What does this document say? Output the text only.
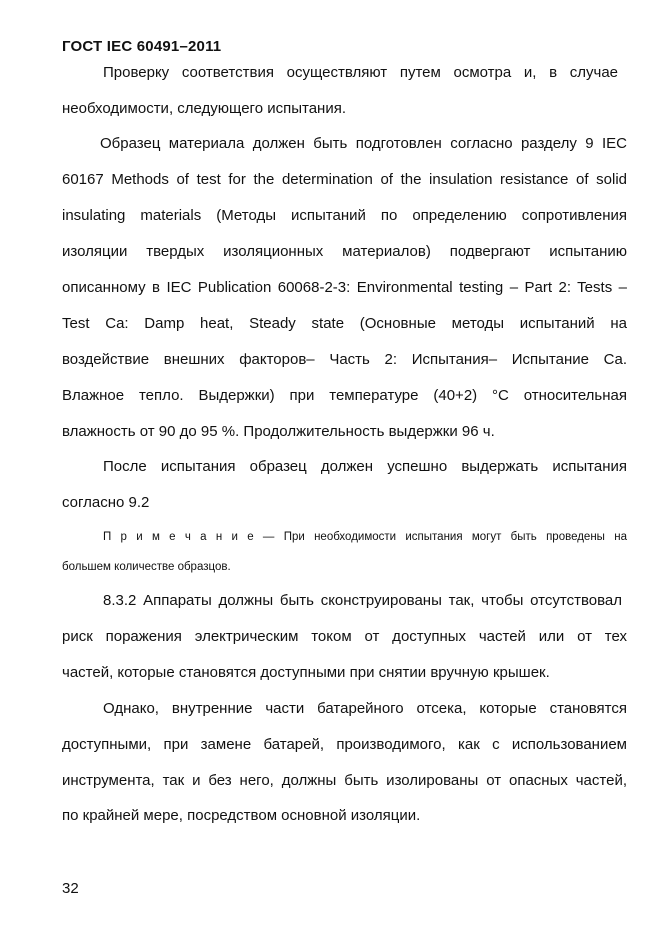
ГОСТ IEC 60491–2011
Проверку соответствия осуществляют путем осмотра и, в случае
необходимости, следующего испытания.
Образец материала должен быть подготовлен согласно разделу 9 IEC
60167 Methods of test for the determination of the insulation resistance of solid
insulating materials (Методы испытаний по определению сопротивления
изоляции твердых изоляционных материалов) подвергают испытанию
описанному в IEC Publication 60068-2-3: Environmental testing – Part 2: Tests –
Test Ca: Damp heat, Steady state (Основные методы испытаний на
воздействие внешних факторов– Часть 2: Испытания– Испытание Ca.
Влажное тепло. Выдержки) при температуре (40+2) °С относительная
влажность от 90 до 95 %. Продолжительность выдержки 96 ч.
После испытания образец должен успешно выдержать испытания
согласно 9.2
П р и м е ч а н и е — При необходимости испытания могут быть проведены на
большем количестве образцов.
8.3.2 Аппараты должны быть сконструированы так, чтобы отсутствовал
риск поражения электрическим током от доступных частей или от тех
частей, которые становятся доступными при снятии вручную крышек.
Однако, внутренние части батарейного отсека, которые становятся
доступными, при замене батарей, производимого, как с использованием
инструмента, так и без него, должны быть изолированы от опасных частей,
по крайней мере, посредством основной изоляции.
32
